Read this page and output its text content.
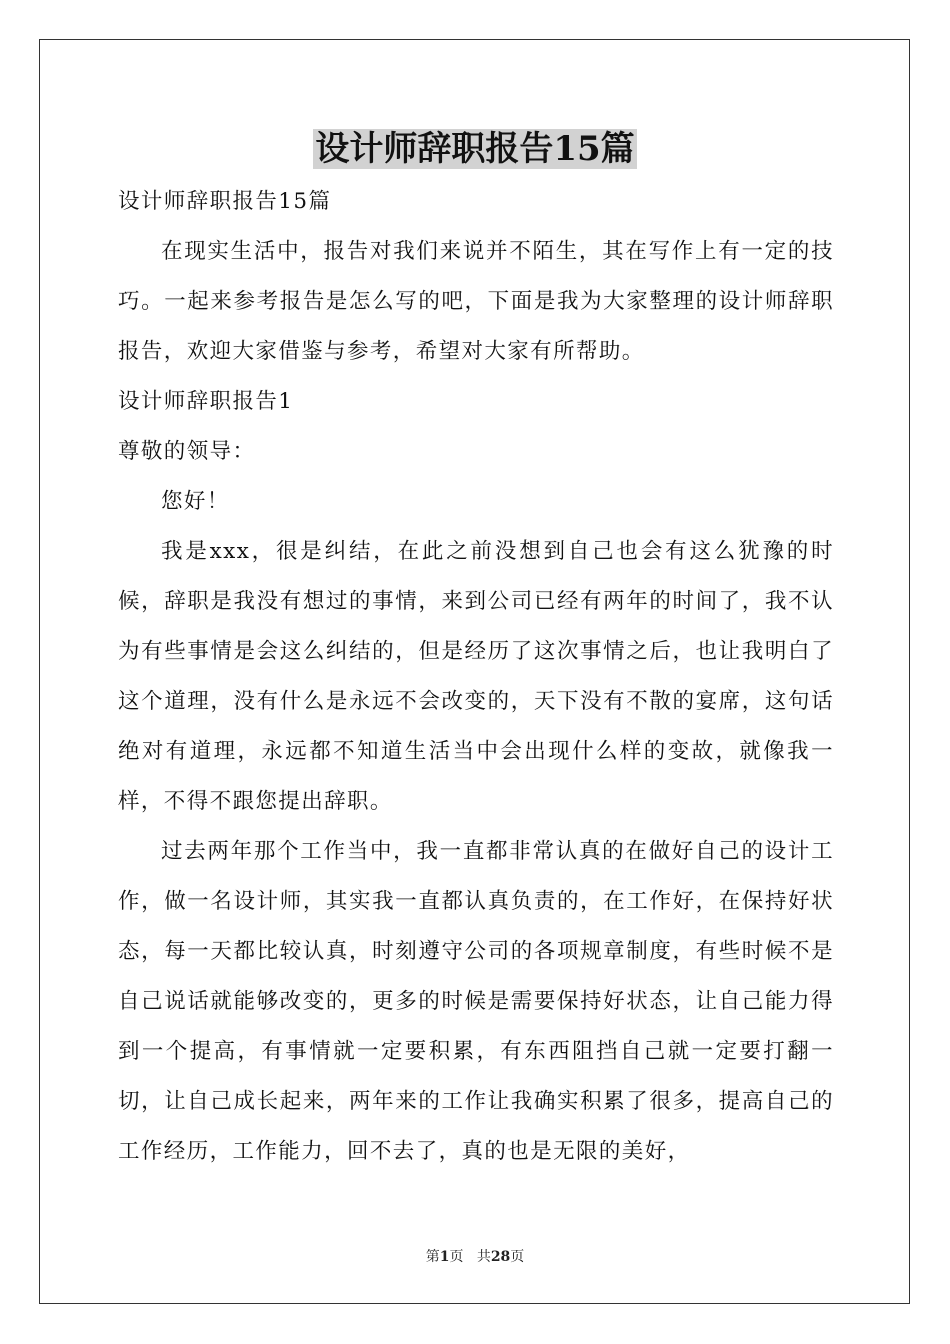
设计师辞职报告15篇

设计师辞职报告15篇

在现实生活中，报告对我们来说并不陌生，其在写作上有一定的技巧。一起来参考报告是怎么写的吧，下面是我为大家整理的设计师辞职报告，欢迎大家借鉴与参考，希望对大家有所帮助。

设计师辞职报告1

尊敬的领导：

您好！

我是xxx，很是纠结，在此之前没想到自己也会有这么犹豫的时候，辞职是我没有想过的事情，来到公司已经有两年的时间了，我不认为有些事情是会这么纠结的，但是经历了这次事情之后，也让我明白了这个道理，没有什么是永远不会改变的，天下没有不散的宴席，这句话绝对有道理，永远都不知道生活当中会出现什么样的变故，就像我一样，不得不跟您提出辞职。

过去两年那个工作当中，我一直都非常认真的在做好自己的设计工作，做一名设计师，其实我一直都认真负责的，在工作好，在保持好状态，每一天都比较认真，时刻遵守公司的各项规章制度，有些时候不是自己说话就能够改变的，更多的时候是需要保持好状态，让自己能力得到一个提高，有事情就一定要积累，有东西阻挡自己就一定要打翻一切，让自己成长起来，两年来的工作让我确实积累了很多，提高自己的工作经历，工作能力，回不去了，真的也是无限的美好，

第1页 共28页
